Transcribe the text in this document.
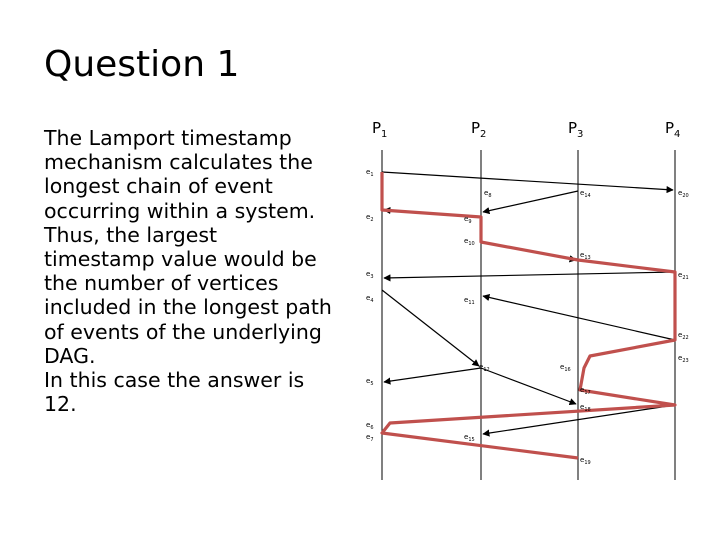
Question 1

The Lamport timestamp mechanism calculates the longest chain of event occurring within a system. Thus, the largest timestamp value would be the number of vertices included in the longest path of events of the underlying DAG.

In this case the answer is 12.

$P_1$	$P_2$	$P_3$	$P_4$
$e_1$
$e_2$
$e_3$
$e_4$
$e_5$
$e_6$
$e_7$
$e_8$
$e_9$
$e_{10}$
$e_{11}$
$e_{12}$
$e_{13}$
$e_{14}$
$e_{15}$
$e_{16}$
$e_{17}$
$e_{18}$
$e_{19}$
$e_{20}$
$e_{21}$
$e_{22}$
$e_{23}$
